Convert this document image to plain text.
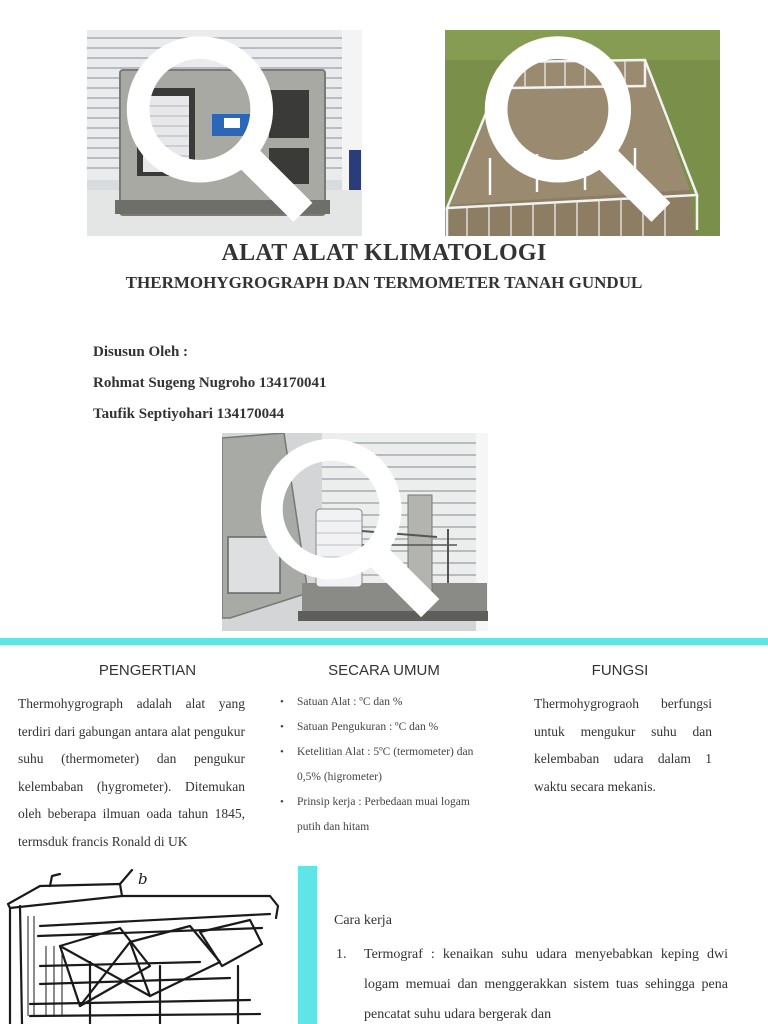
ALAT ALAT KLIMATOLOGI
THERMOHYGROGRAPH DAN TERMOMETER TANAH GUNDUL
Disusun Oleh :
Rohmat Sugeng Nugroho 134170041
Taufik Septiyohari 134170044
PENGERTIAN	SECARA UMUM	FUNGSI
Thermohygrograph adalah alat yang terdiri dari gabungan antara alat pengukur suhu (thermometer) dan pengukur kelembaban (hygrometer). Ditemukan oleh beberapa ilmuan oada tahun 1845, termsduk francis Ronald di UK
• Satuan Alat : ºC dan %
• Satuan Pengukuran : ºC dan %
• Ketelitian Alat : 5ºC (termometer) dan 0,5% (higrometer)
• Prinsip kerja : Perbedaan muai logam putih dan hitam
Thermohygrograoh berfungsi untuk mengukur suhu dan kelembaban udara dalam 1 waktu secara mekanis.
b
Cara kerja
1. Termograf : kenaikan suhu udara menyebabkan keping dwi logam memuai dan menggerakkan sistem tuas sehingga pena pencatat suhu udara bergerak dan
